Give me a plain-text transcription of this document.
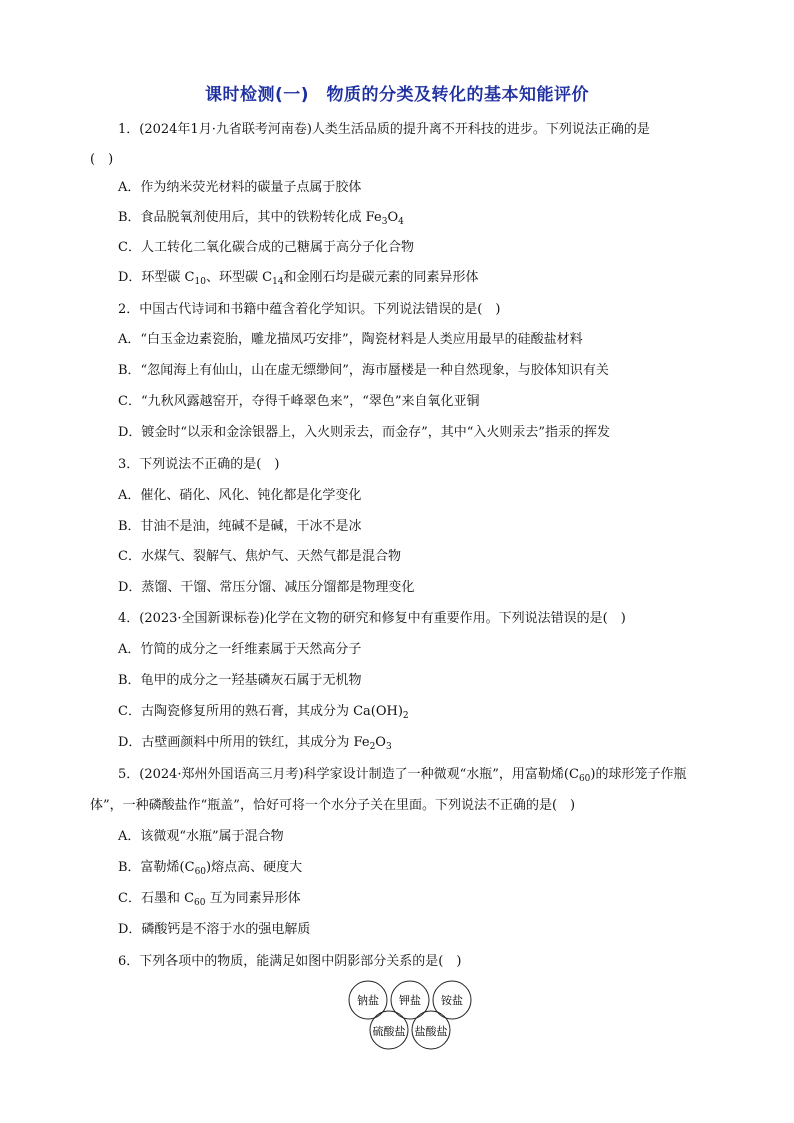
课时检测(一)　物质的分类及转化的基本知能评价
1．(2024年1月·九省联考河南卷)人类生活品质的提升离不开科技的进步。下列说法正确的是
(　)
A．作为纳米荧光材料的碳量子点属于胶体
B．食品脱氧剂使用后，其中的铁粉转化成 $Fe_3O_4$
C．人工转化二氧化碳合成的己糖属于高分子化合物
D．环型碳 $C_{10}$、环型碳 $C_{14}$和金刚石均是碳元素的同素异形体
2．中国古代诗词和书籍中蕴含着化学知识。下列说法错误的是(　)
A．“白玉金边素瓷胎，雕龙描凤巧安排”，陶瓷材料是人类应用最早的硅酸盐材料
B．“忽闻海上有仙山，山在虚无缥缈间”，海市蜃楼是一种自然现象，与胶体知识有关
C．“九秋风露越窑开，夺得千峰翠色来”，“翠色”来自氧化亚铜
D．镀金时“以汞和金涂银器上，入火则汞去，而金存”，其中“入火则汞去”指汞的挥发
3．下列说法不正确的是(　)
A．催化、硝化、风化、钝化都是化学变化
B．甘油不是油，纯碱不是碱，干冰不是冰
C．水煤气、裂解气、焦炉气、天然气都是混合物
D．蒸馏、干馏、常压分馏、减压分馏都是物理变化
4．(2023·全国新课标卷)化学在文物的研究和修复中有重要作用。下列说法错误的是(　)
A．竹简的成分之一纤维素属于天然高分子
B．龟甲的成分之一羟基磷灰石属于无机物
C．古陶瓷修复所用的熟石膏，其成分为 $Ca(OH)_2$
D．古壁画颜料中所用的铁红，其成分为 $Fe_2O_3$
5．(2024·郑州外国语高三月考)科学家设计制造了一种微观“水瓶”，用富勒烯$(C_{60})$的球形笼子作瓶
体”，一种磷酸盐作“瓶盖”，恰好可将一个水分子关在里面。下列说法不正确的是(　)
A．该微观“水瓶”属于混合物
B．富勒烯$(C_{60})$熔点高、硬度大
C．石墨和 $C_{60}$ 互为同素异形体
D．磷酸钙是不溶于水的强电解质
6．下列各项中的物质，能满足如图中阴影部分关系的是(　)
钠盐 钾盐 铵盐
硫酸盐 盐酸盐
